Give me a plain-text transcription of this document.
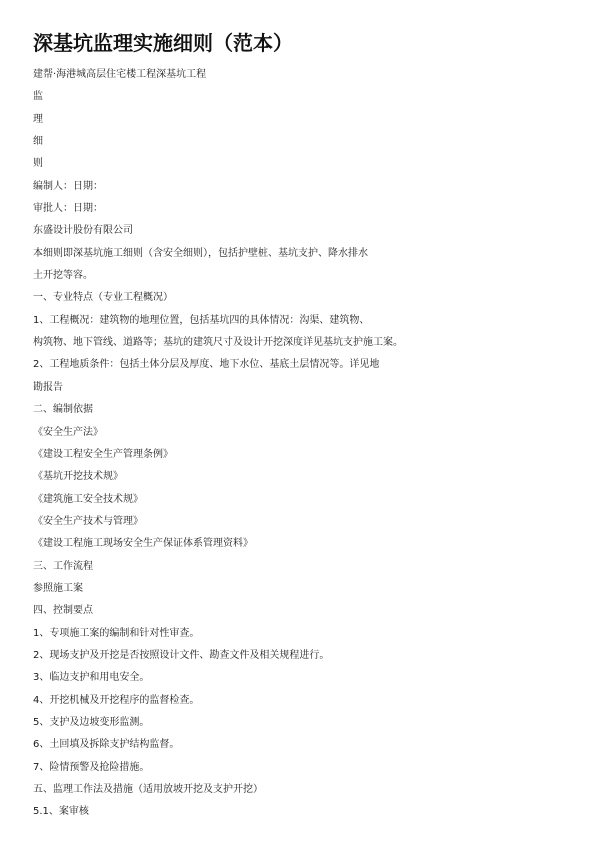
深基坑监理实施细则（范本）
建帮·海港城高层住宅楼工程深基坑工程
监
理
细
则
编制人：日期：
审批人：日期：
东盛设计股份有限公司
本细则即深基坑施工细则（含安全细则），包括护壁桩、基坑支护、降水排水
土开挖等容。
一、专业特点（专业工程概况）
1、工程概况：建筑物的地理位置，包括基坑四的具体情况：沟渠、建筑物、
构筑物、地下管线、道路等；基坑的建筑尺寸及设计开挖深度详见基坑支护施工案。
2、工程地质条件：包括土体分层及厚度、地下水位、基底土层情况等。详见地
勘报告
二、编制依据
《安全生产法》
《建设工程安全生产管理条例》
《基坑开挖技术规》
《建筑施工安全技术规》
《安全生产技术与管理》
《建设工程施工现场安全生产保证体系管理资料》
三、工作流程
参照施工案
四、控制要点
1、专项施工案的编制和针对性审查。
2、现场支护及开挖是否按照设计文件、勘查文件及相关规程进行。
3、临边支护和用电安全。
4、开挖机械及开挖程序的监督检查。
5、支护及边坡变形监测。
6、土回填及拆除支护结构监督。
7、险情预警及抢险措施。
五、监理工作法及措施（适用放坡开挖及支护开挖）
5.1、案审核
